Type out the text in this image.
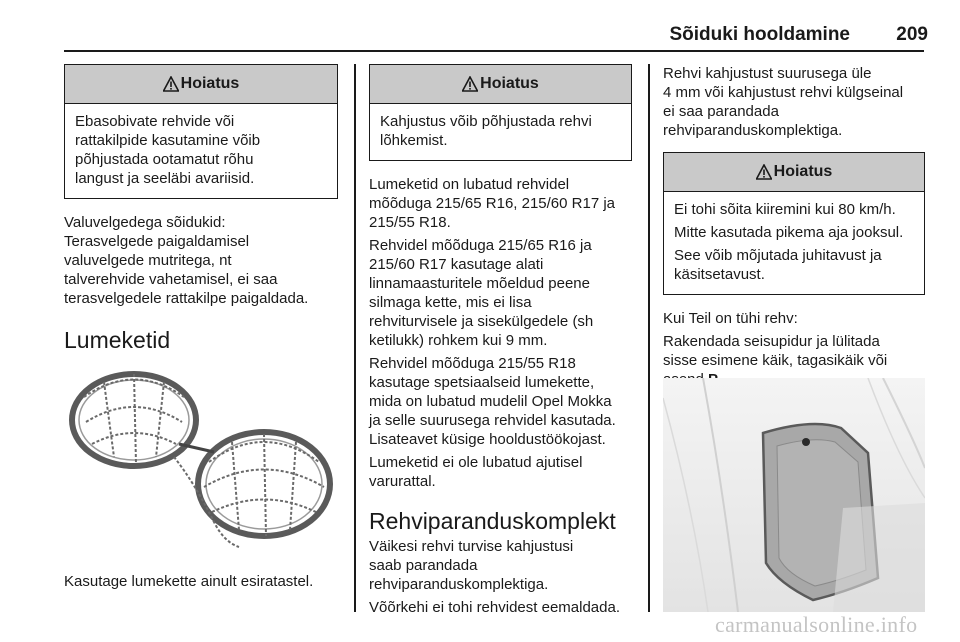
Sõiduki hooldamine	209
Hoiatus

Ebasobivate rehvide või
rattakilpide kasutamine võib
põhjustada ootamatut rõhu
langust ja seeläbi avariisid.

Valuvelgedega sõidukid:
Terasvelgede paigaldamisel
valuvelgede mutritega, nt
talverehvide vahetamisel, ei saa
terasvelgedele rattakilpe paigaldada.

Lumeketid

Kasutage lumekette ainult esiratastel.

Hoiatus

Kahjustus võib põhjustada rehvi
lõhkemist.

Lumeketid on lubatud rehvidel
mõõduga 215/65 R16, 215/60 R17 ja
215/55 R18.

Rehvidel mõõduga 215/65 R16 ja
215/60 R17 kasutage alati
linnamaasturitele mõeldud peene
silmaga kette, mis ei lisa
rehviturvisele ja sisekülgedele (sh
ketilukk) rohkem kui 9 mm.

Rehvidel mõõduga 215/55 R18
kasutage spetsiaalseid lumekette,
mida on lubatud mudelil Opel Mokka
ja selle suurusega rehvidel kasutada.
Lisateavet küsige hooldustöökojast.

Lumeketid ei ole lubatud ajutisel
varurattal.

Rehviparanduskomplekt

Väikesi rehvi turvise kahjustusi
saab parandada
rehviparanduskomplektiga.

Võõrkehi ei tohi rehvidest eemaldada.

Rehvi kahjustust suurusega üle
4 mm või kahjustust rehvi külgseinal
ei saa parandada
rehviparanduskomplektiga.

Hoiatus

Ei tohi sõita kiiremini kui 80 km/h.

Mitte kasutada pikema aja jooksul.

See võib mõjutada juhitavust ja
käsitsetavust.

Kui Teil on tühi rehv:

Rakendada seisupidur ja lülitada
sisse esimene käik, tagasikäik või

carmanualsonline.info
